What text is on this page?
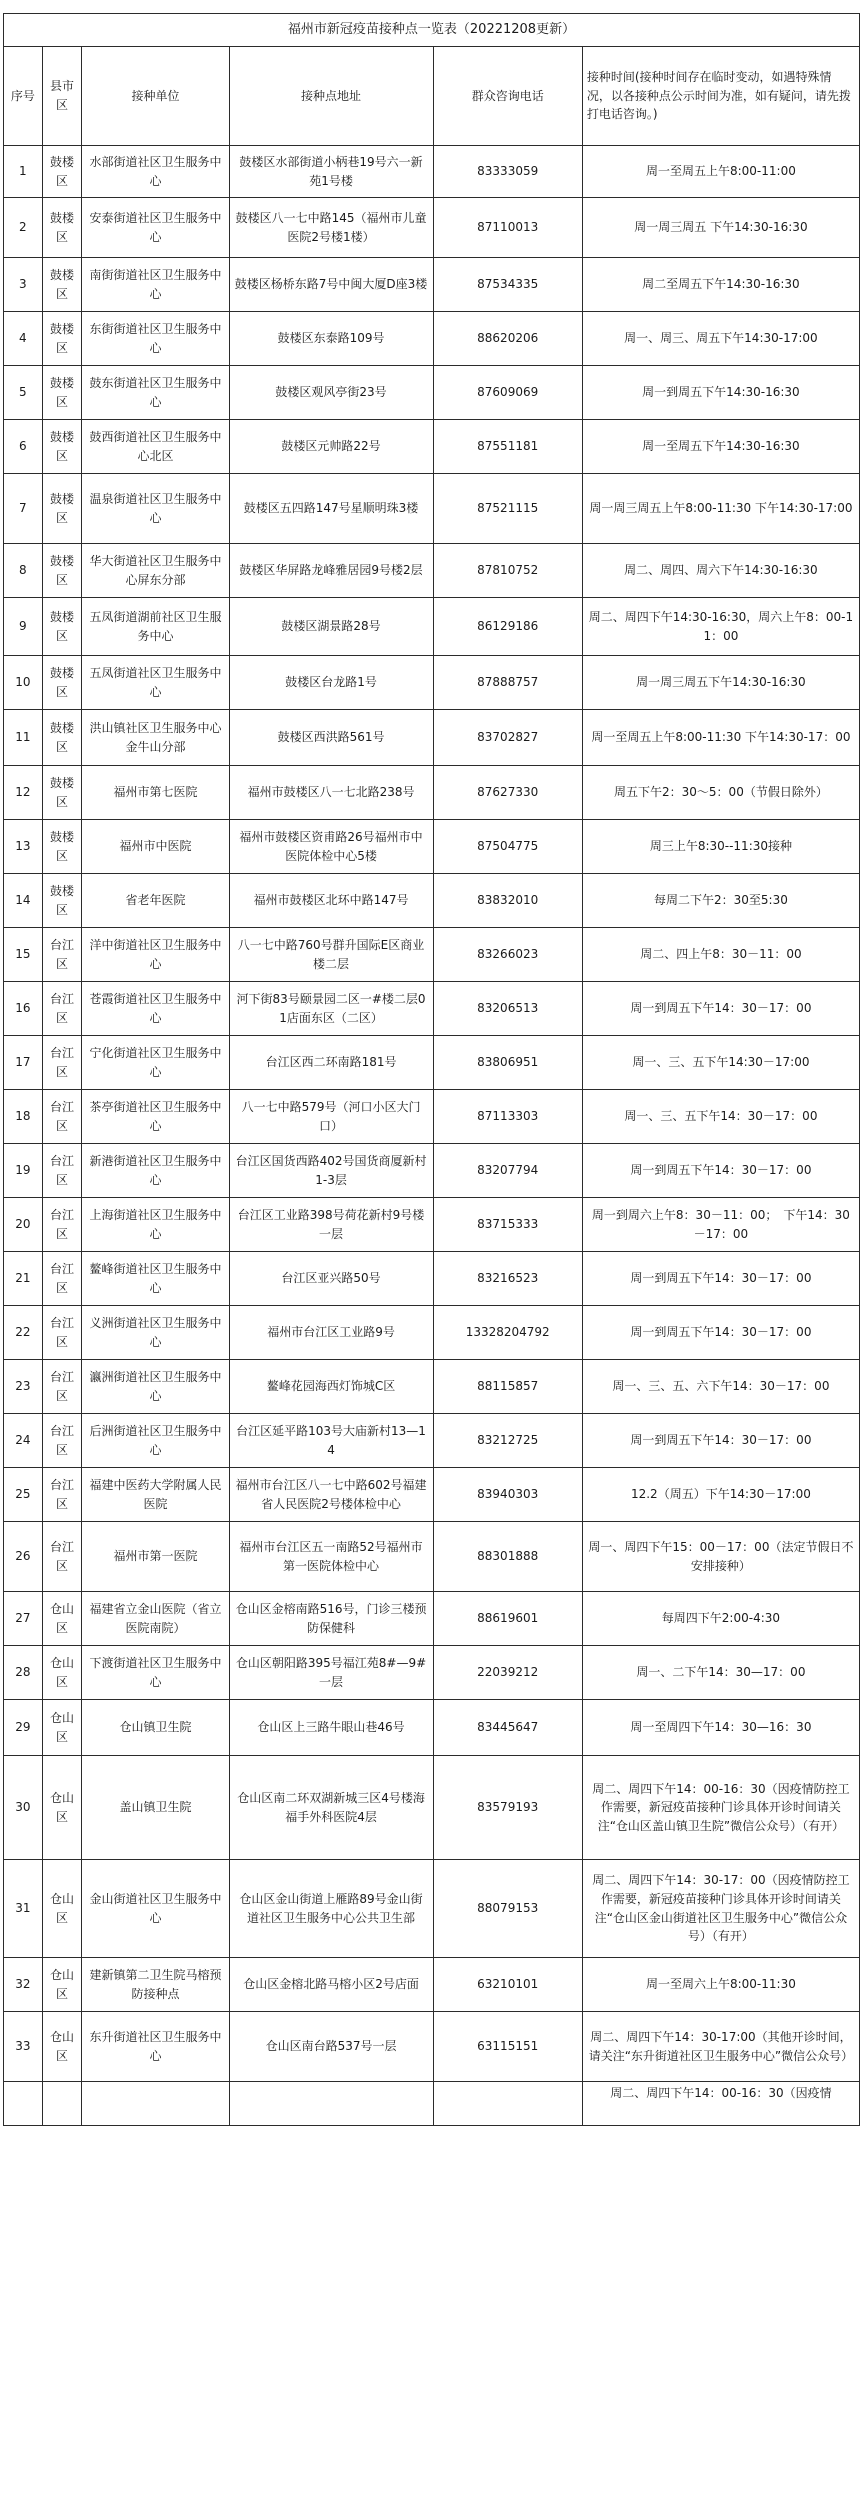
福州市新冠疫苗接种点一览表（20221208更新）					
序号	县市区	接种单位	接种点地址	群众咨询电话	接种时间(接种时间存在临时变动，如遇特殊情况，以各接种点公示时间为准，如有疑问，请先拨打电话咨询。)
1	鼓楼区	水部街道社区卫生服务中心	鼓楼区水部街道小柄巷19号六一新苑1号楼	83333059	周一至周五上午8:00-11:00
2	鼓楼区	安泰街道社区卫生服务中心	鼓楼区八一七中路145（福州市儿童医院2号楼1楼）	87110013	周一周三周五 下午14:30-16:30
3	鼓楼区	南街街道社区卫生服务中心	鼓楼区杨桥东路7号中闽大厦D座3楼	87534335	周二至周五下午14:30-16:30
4	鼓楼区	东街街道社区卫生服务中心	鼓楼区东泰路109号	88620206	周一、周三、周五下午14:30-17:00
5	鼓楼区	鼓东街道社区卫生服务中心	鼓楼区观风亭街23号	87609069	周一到周五下午14:30-16:30
6	鼓楼区	鼓西街道社区卫生服务中心北区	鼓楼区元帅路22号	87551181	周一至周五下午14:30-16:30
7	鼓楼区	温泉街道社区卫生服务中心	鼓楼区五四路147号星顺明珠3楼	87521115	周一周三周五上午8:00-11:30 下午14:30-17:00
8	鼓楼区	华大街道社区卫生服务中心屏东分部	鼓楼区华屏路龙峰雅居园9号楼2层	87810752	周二、周四、周六下午14:30-16:30
9	鼓楼区	五凤街道湖前社区卫生服务中心	鼓楼区湖景路28号	86129186	周二、周四下午14:30-16:30，周六上午8：00-11：00
10	鼓楼区	五凤街道社区卫生服务中心	鼓楼区台龙路1号	87888757	周一周三周五下午14:30-16:30
11	鼓楼区	洪山镇社区卫生服务中心金牛山分部	鼓楼区西洪路561号	83702827	周一至周五上午8:00-11:30 下午14:30-17：00
12	鼓楼区	福州市第七医院	福州市鼓楼区八一七北路238号	87627330	周五下午2：30～5：00（节假日除外）
13	鼓楼区	福州市中医院	福州市鼓楼区资甫路26号福州市中医院体检中心5楼	87504775	周三上午8:30--11:30接种
14	鼓楼区	省老年医院	福州市鼓楼区北环中路147号	83832010	每周二下午2：30至5:30
15	台江区	洋中街道社区卫生服务中心	八一七中路760号群升国际E区商业楼二层	83266023	周二、四上午8：30－11：00
16	台江区	苍霞街道社区卫生服务中心	河下街83号颐景园二区一#楼二层01店面东区（二区）	83206513	周一到周五下午14：30－17：00
17	台江区	宁化街道社区卫生服务中心	台江区西二环南路181号	83806951	周一、三、五下午14:30－17:00
18	台江区	茶亭街道社区卫生服务中心	八一七中路579号（河口小区大门口）	87113303	周一、三、五下午14：30－17：00
19	台江区	新港街道社区卫生服务中心	台江区国货西路402号国货商厦新村1-3层	83207794	周一到周五下午14：30－17：00
20	台江区	上海街道社区卫生服务中心	台江区工业路398号荷花新村9号楼一层	83715333	周一到周六上午8：30－11：00；　下午14：30－17：00
21	台江区	鳌峰街道社区卫生服务中心	台江区亚兴路50号	83216523	周一到周五下午14：30－17：00
22	台江区	义洲街道社区卫生服务中心	福州市台江区工业路9号	13328204792	周一到周五下午14：30－17：00
23	台江区	瀛洲街道社区卫生服务中心	鳌峰花园海西灯饰城C区	88115857	周一、三、五、六下午14：30－17：00
24	台江区	后洲街道社区卫生服务中心	台江区延平路103号大庙新村13—14	83212725	周一到周五下午14：30－17：00
25	台江区	福建中医药大学附属人民医院	福州市台江区八一七中路602号福建省人民医院2号楼体检中心	83940303	12.2（周五）下午14:30－17:00
26	台江区	福州市第一医院	福州市台江区五一南路52号福州市第一医院体检中心	88301888	周一、周四下午15：00－17：00（法定节假日不安排接种）
27	仓山区	福建省立金山医院（省立医院南院）	仓山区金榕南路516号，门诊三楼预防保健科	88619601	每周四下午2:00-4:30
28	仓山区	下渡街道社区卫生服务中心	仓山区朝阳路395号福江苑8#—9#一层	22039212	周一、二下午14：30—17：00
29	仓山区	仓山镇卫生院	仓山区上三路牛眼山巷46号	83445647	周一至周四下午14：30—16：30
30	仓山区	盖山镇卫生院	仓山区南二环双湖新城三区4号楼海福手外科医院4层	83579193	周二、周四下午14：00-16：30（因疫情防控工作需要，新冠疫苗接种门诊具体开诊时间请关注“仓山区盖山镇卫生院”微信公众号）（有开）
31	仓山区	金山街道社区卫生服务中心	仓山区金山街道上雁路89号金山街道社区卫生服务中心公共卫生部	88079153	周二、周四下午14：30-17：00（因疫情防控工作需要，新冠疫苗接种门诊具体开诊时间请关注“仓山区金山街道社区卫生服务中心”微信公众号）（有开）
32	仓山区	建新镇第二卫生院马榕预防接种点	仓山区金榕北路马榕小区2号店面	63210101	周一至周六上午8:00-11:30
33	仓山区	东升街道社区卫生服务中心	仓山区南台路537号一层	63115151	周二、周四下午14：30-17:00（其他开诊时间，请关注“东升街道社区卫生服务中心”微信公众号）
					周二、周四下午14：00-16：30（因疫情
